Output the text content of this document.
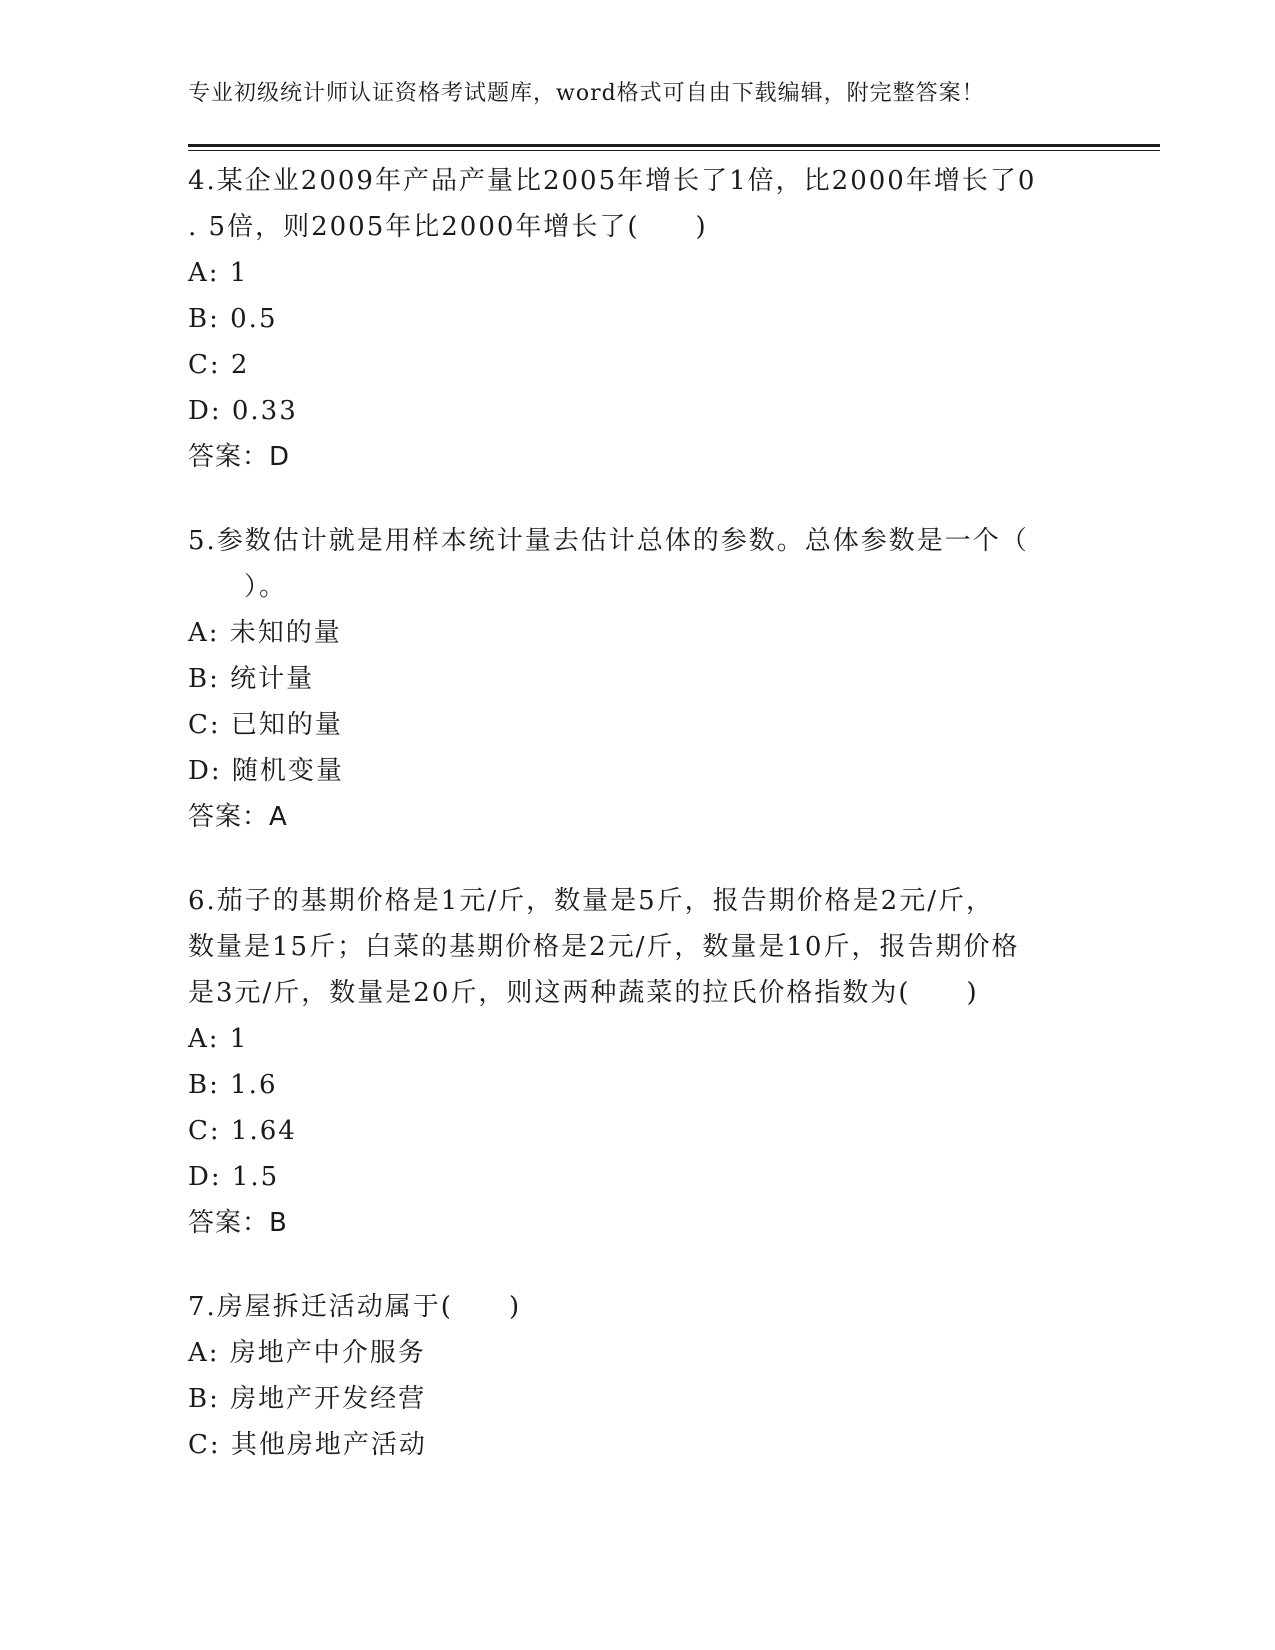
专业初级统计师认证资格考试题库，word格式可自由下载编辑，附完整答案！
4.某企业2009年产品产量比2005年增长了1倍，比2000年增长了0
. 5倍，则2005年比2000年增长了(　　)
A: 1
B: 0.5
C: 2
D: 0.33
答案：D
5.参数估计就是用样本统计量去估计总体的参数。总体参数是一个（
　　）。
A: 未知的量
B: 统计量
C: 已知的量
D: 随机变量
答案：A
6.茄子的基期价格是1元/斤，数量是5斤，报告期价格是2元/斤，
数量是15斤；白菜的基期价格是2元/斤，数量是10斤，报告期价格
是3元/斤，数量是20斤，则这两种蔬菜的拉氏价格指数为(　　)
A: 1
B: 1.6
C: 1.64
D: 1.5
答案：B
7.房屋拆迁活动属于(　　)
A: 房地产中介服务
B: 房地产开发经营
C: 其他房地产活动
